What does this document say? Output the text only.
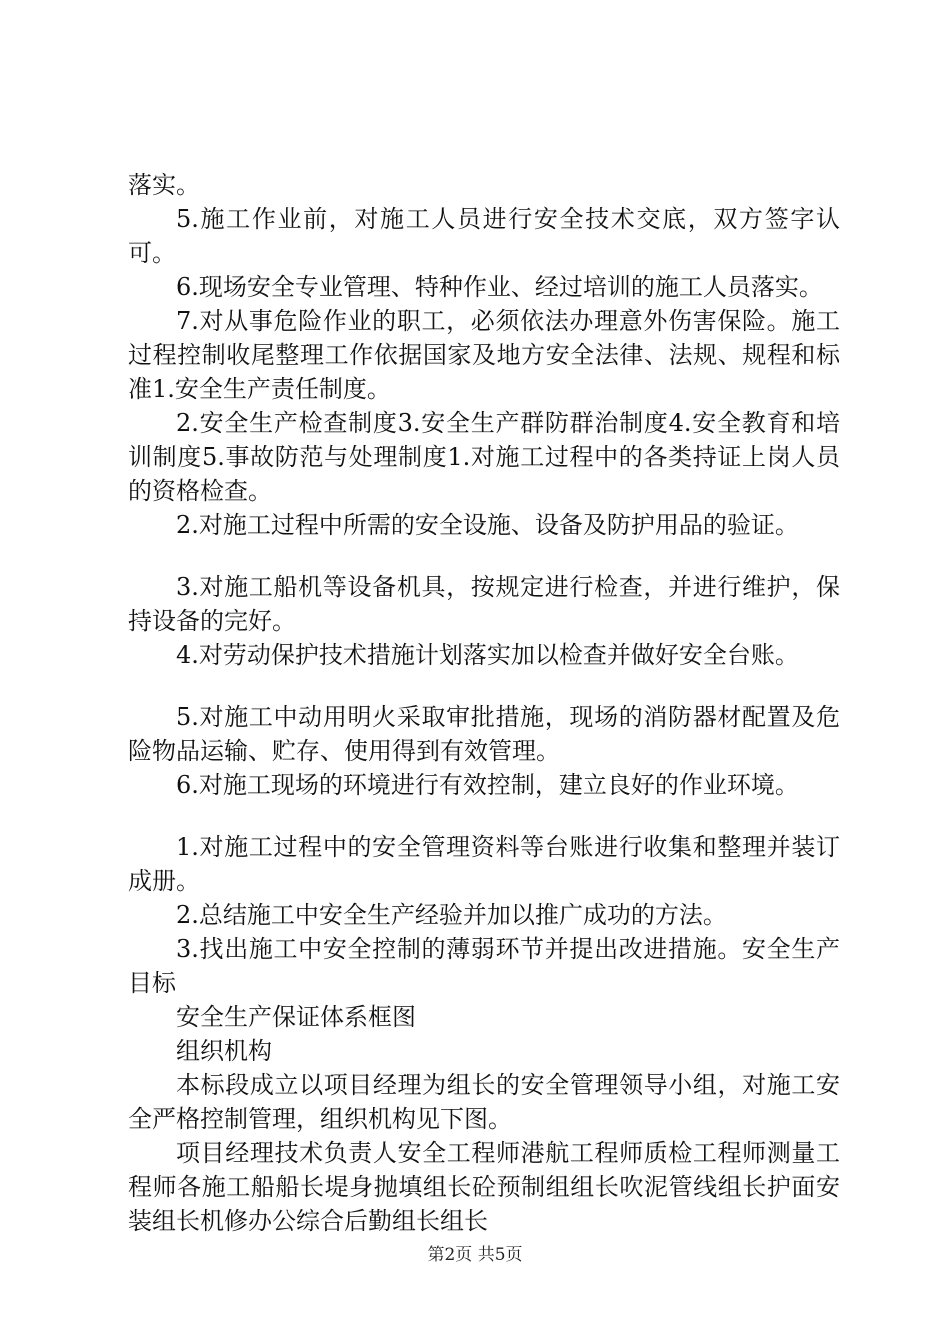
落实。

5.施工作业前，对施工人员进行安全技术交底，双方签字认可。

6.现场安全专业管理、特种作业、经过培训的施工人员落实。

7.对从事危险作业的职工，必须依法办理意外伤害保险。施工过程控制收尾整理工作依据国家及地方安全法律、法规、规程和标准1.安全生产责任制度。

2.安全生产检查制度3.安全生产群防群治制度4.安全教育和培训制度5.事故防范与处理制度1.对施工过程中的各类持证上岗人员的资格检查。

2.对施工过程中所需的安全设施、设备及防护用品的验证。

3.对施工船机等设备机具，按规定进行检查，并进行维护，保持设备的完好。

4.对劳动保护技术措施计划落实加以检查并做好安全台账。

5.对施工中动用明火采取审批措施，现场的消防器材配置及危险物品运输、贮存、使用得到有效管理。

6.对施工现场的环境进行有效控制，建立良好的作业环境。

1.对施工过程中的安全管理资料等台账进行收集和整理并装订成册。

2.总结施工中安全生产经验并加以推广成功的方法。

3.找出施工中安全控制的薄弱环节并提出改进措施。安全生产目标

安全生产保证体系框图

组织机构

本标段成立以项目经理为组长的安全管理领导小组，对施工安全严格控制管理，组织机构见下图。

项目经理技术负责人安全工程师港航工程师质检工程师测量工程师各施工船船长堤身抛填组长砼预制组组长吹泥管线组长护面安装组长机修办公综合后勤组长组长

第2页 共5页
